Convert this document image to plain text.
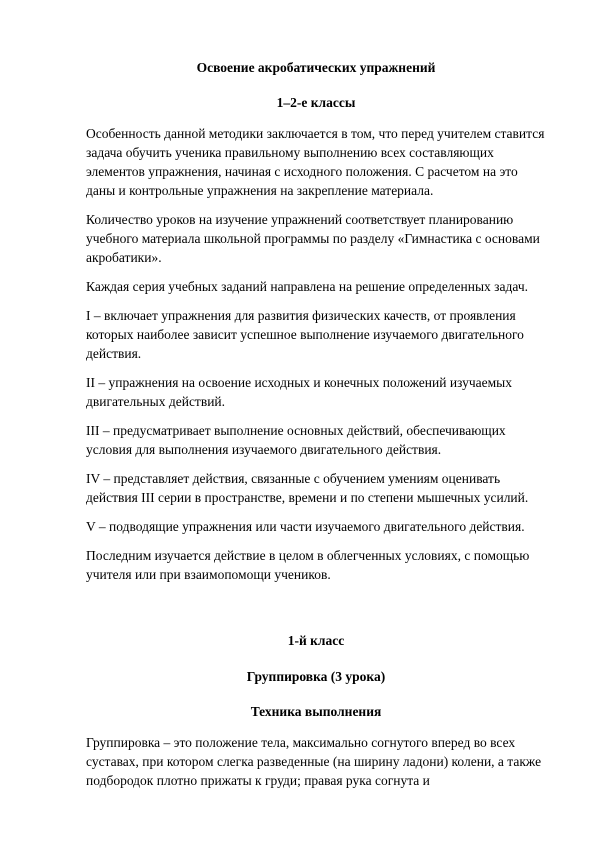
Освоение акробатических упражнений

1–2-е классы

Особенность данной методики заключается в том, что перед учителем ставится задача обучить ученика правильному выполнению всех составляющих элементов упражнения, начиная с исходного положения. С расчетом на это даны и контрольные упражнения на закрепление материала.

Количество уроков на изучение упражнений соответствует планированию учебного материала школьной программы по разделу «Гимнастика с основами акробатики».

Каждая серия учебных заданий направлена на решение определенных задач.

I – включает упражнения для развития физических качеств, от проявления которых наиболее зависит успешное выполнение изучаемого двигательного действия.

II – упражнения на освоение исходных и конечных положений изучаемых двигательных действий.

III – предусматривает выполнение основных действий, обеспечивающих условия для выполнения изучаемого двигательного действия.

IV – представляет действия, связанные с обучением умениям оценивать действия III серии в пространстве, времени и по степени мышечных усилий.

V – подводящие упражнения или части изучаемого двигательного действия.

Последним изучается действие в целом в облегченных условиях, с помощью учителя или при взаимопомощи учеников.

1-й класс

Группировка (3 урока)

Техника выполнения

Группировка – это положение тела, максимально согнутого вперед во всех суставах, при котором слегка разведенные (на ширину ладони) колени, а также подбородок плотно прижаты к груди; правая рука согнута и
